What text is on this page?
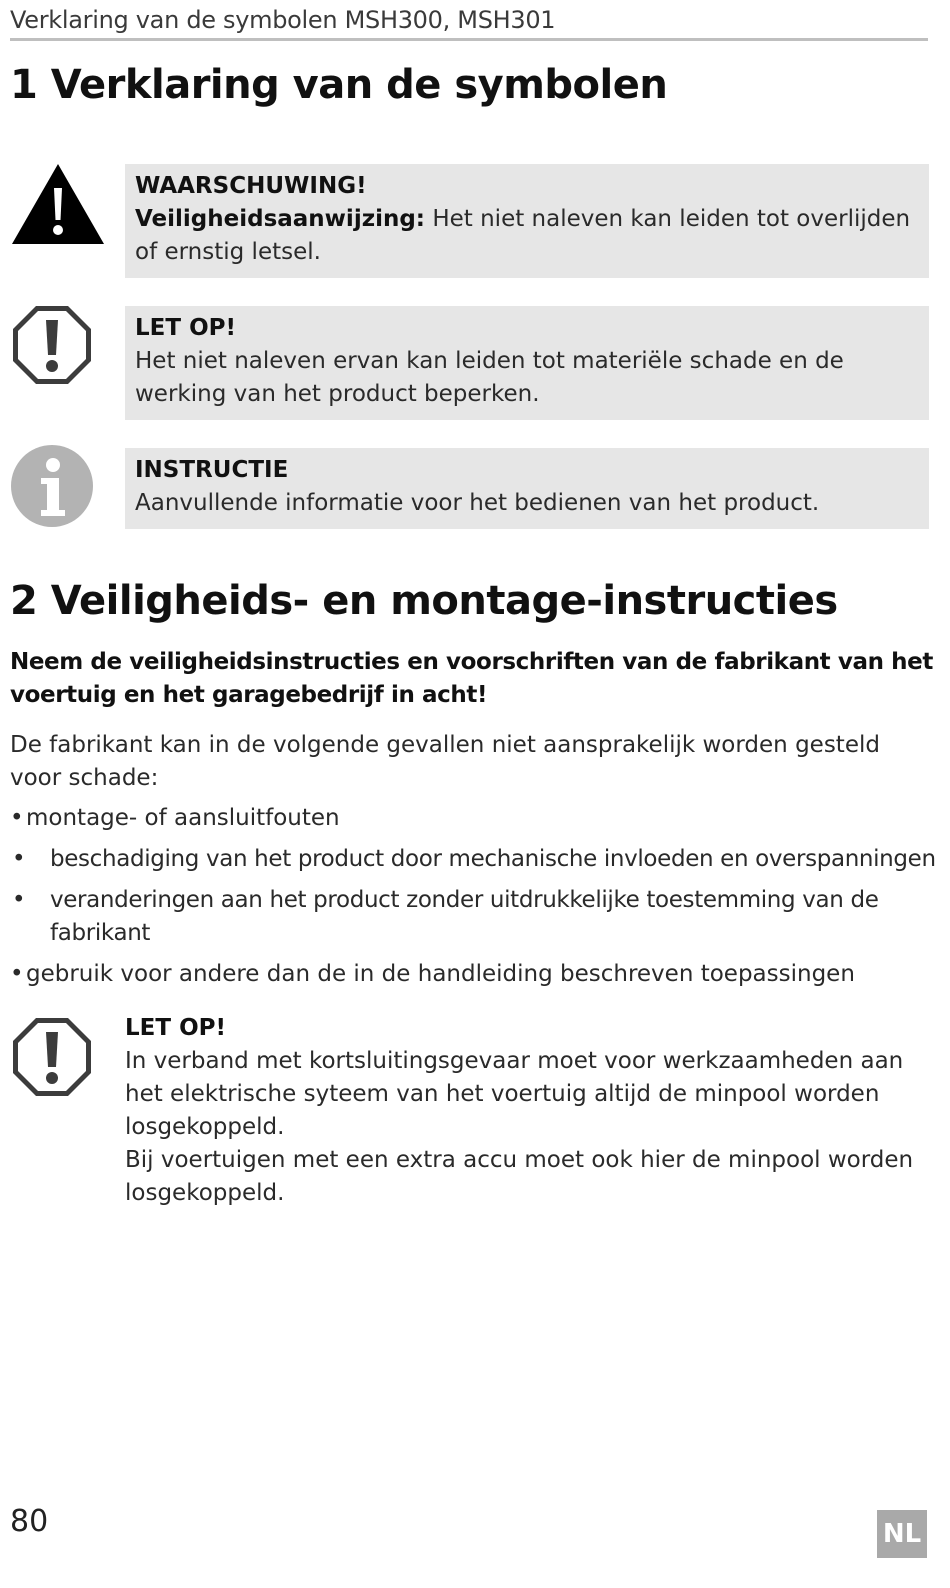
Verklaring van de symbolen MSH300, MSH301
1 Verklaring van de symbolen
WAARSCHUWING!
Veiligheidsaanwijzing: Het niet naleven kan leiden tot overlijden of ernstig letsel.
LET OP!
Het niet naleven ervan kan leiden tot materiële schade en de werking van het product beperken.
INSTRUCTIE
Aanvullende informatie voor het bedienen van het product.
2 Veiligheids- en montage-instructies

Neem de veiligheidsinstructies en voorschriften van de fabrikant van het voertuig en het garagebedrijf in acht!

De fabrikant kan in de volgende gevallen niet aansprakelijk worden gesteld voor schade:

• montage- of aansluitfouten
• beschadiging van het product door mechanische invloeden en overspanningen
• veranderingen aan het product zonder uitdrukkelijke toestemming van de fabrikant
• gebruik voor andere dan de in de handleiding beschreven toepassingen
LET OP!
In verband met kortsluitingsgevaar moet voor werkzaamheden aan het elektrische syteem van het voertuig altijd de minpool worden losgekoppeld.
Bij voertuigen met een extra accu moet ook hier de minpool worden losgekoppeld.
80	NL
